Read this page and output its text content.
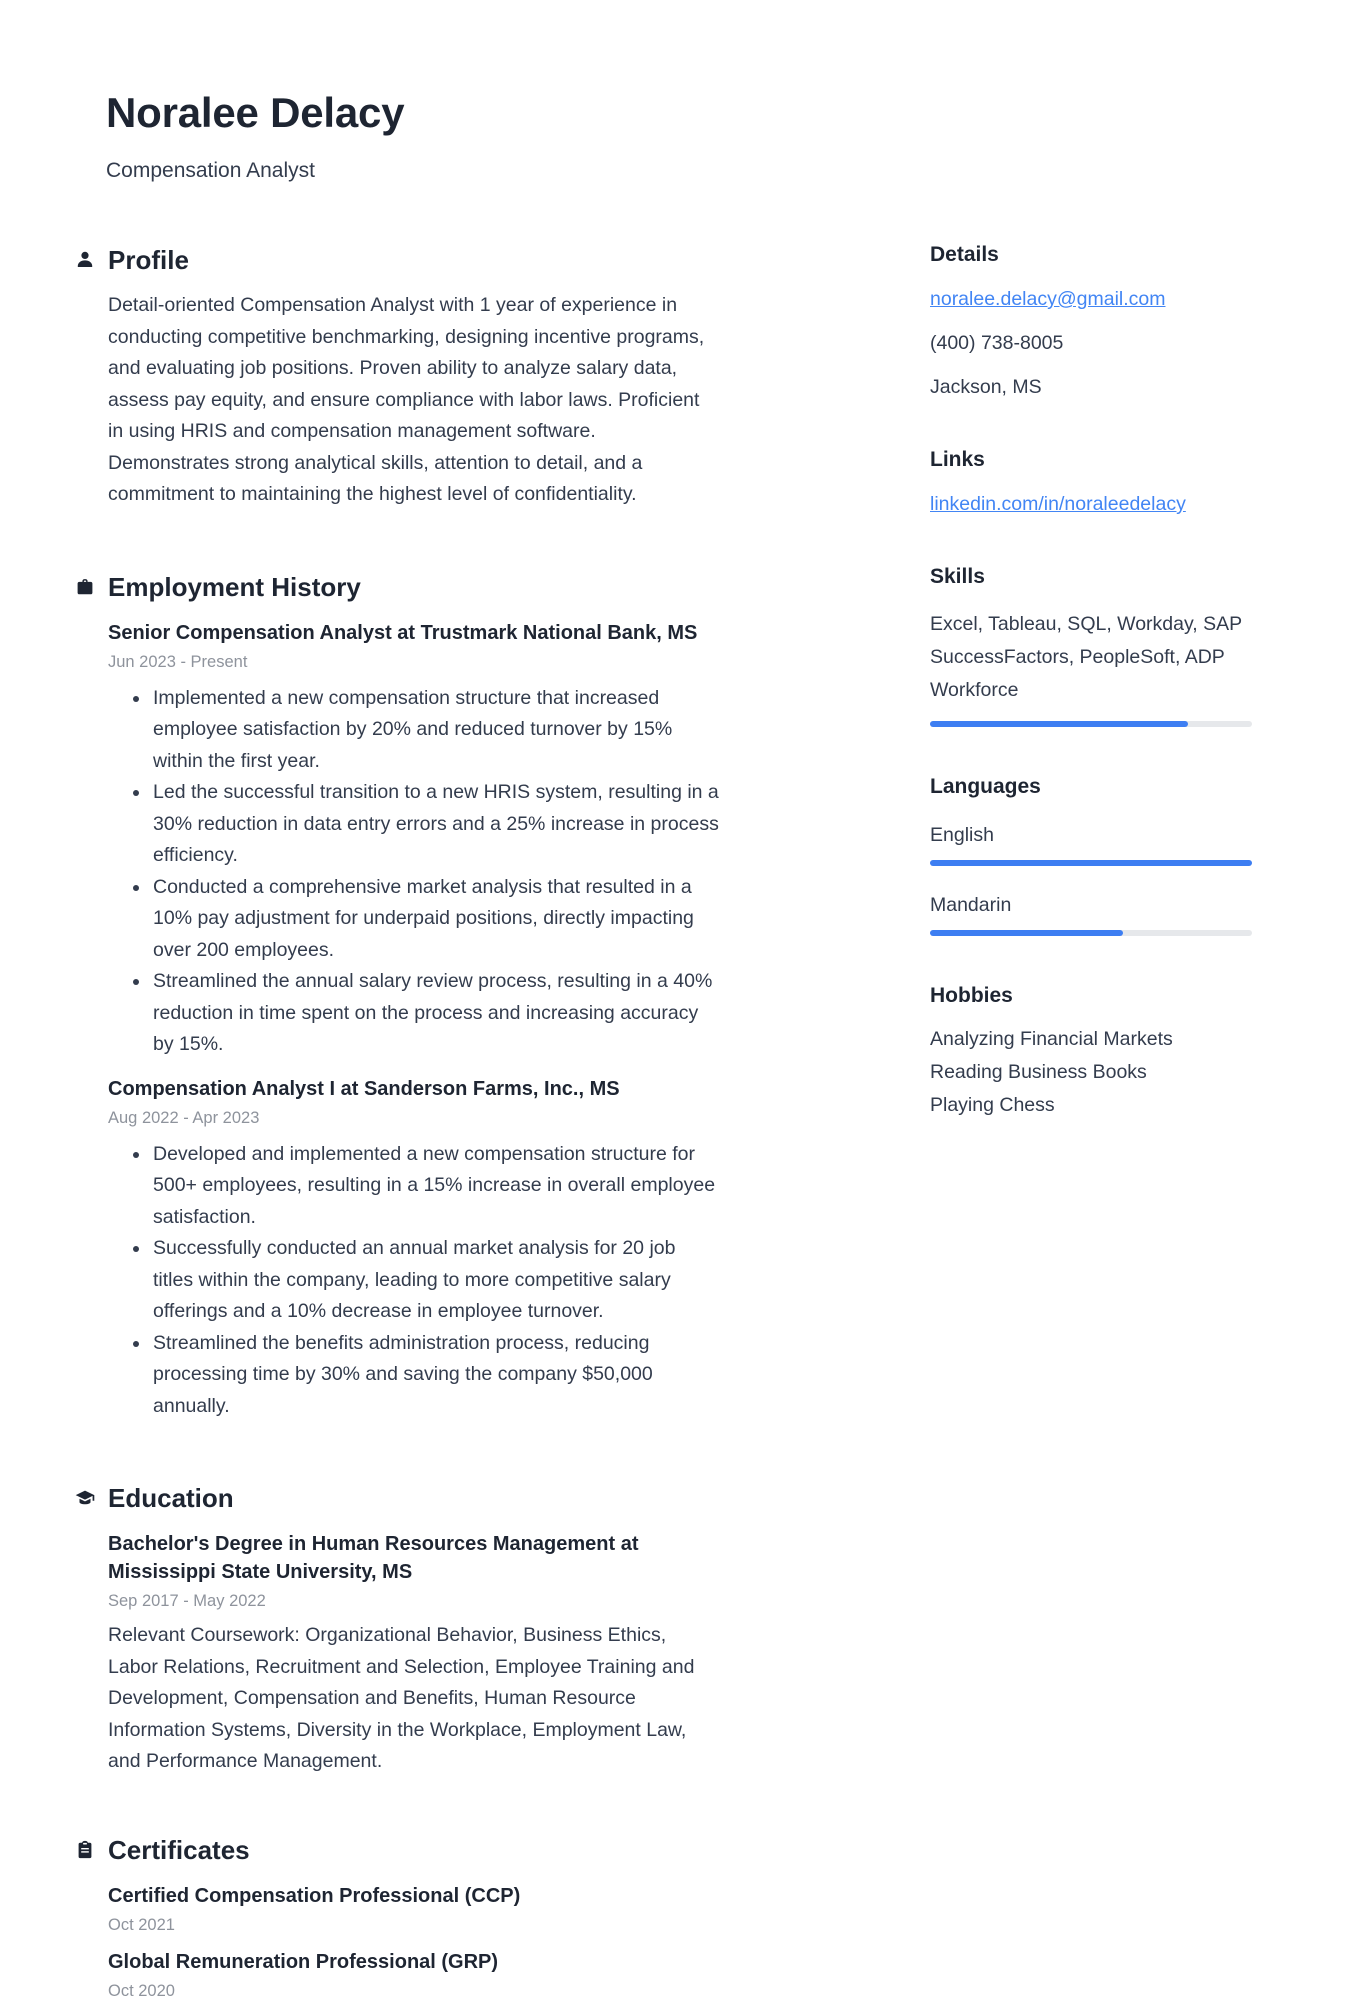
Noralee Delacy
Compensation Analyst
Profile

Detail-oriented Compensation Analyst with 1 year of experience in conducting competitive benchmarking, designing incentive programs, and evaluating job positions. Proven ability to analyze salary data, assess pay equity, and ensure compliance with labor laws. Proficient in using HRIS and compensation management software. Demonstrates strong analytical skills, attention to detail, and a commitment to maintaining the highest level of confidentiality.

Employment History
Senior Compensation Analyst at Trustmark National Bank, MS
Jun 2023 - Present
• Implemented a new compensation structure that increased employee satisfaction by 20% and reduced turnover by 15% within the first year.
• Led the successful transition to a new HRIS system, resulting in a 30% reduction in data entry errors and a 25% increase in process efficiency.
• Conducted a comprehensive market analysis that resulted in a 10% pay adjustment for underpaid positions, directly impacting over 200 employees.
• Streamlined the annual salary review process, resulting in a 40% reduction in time spent on the process and increasing accuracy by 15%.
Compensation Analyst I at Sanderson Farms, Inc., MS
Aug 2022 - Apr 2023
• Developed and implemented a new compensation structure for 500+ employees, resulting in a 15% increase in overall employee satisfaction.
• Successfully conducted an annual market analysis for 20 job titles within the company, leading to more competitive salary offerings and a 10% decrease in employee turnover.
• Streamlined the benefits administration process, reducing processing time by 30% and saving the company $50,000 annually.
Education
Bachelor's Degree in Human Resources Management at Mississippi State University, MS
Sep 2017 - May 2022

Relevant Coursework: Organizational Behavior, Business Ethics, Labor Relations, Recruitment and Selection, Employee Training and Development, Compensation and Benefits, Human Resource Information Systems, Diversity in the Workplace, Employment Law, and Performance Management.

Certificates
Certified Compensation Professional (CCP)
Oct 2021
Global Remuneration Professional (GRP)
Oct 2020
Details
noralee.delacy@gmail.com
(400) 738-8005
Jackson, MS
Links
linkedin.com/in/noraleedelacy
Skills
Excel, Tableau, SQL, Workday, SAP SuccessFactors, PeopleSoft, ADP Workforce
Languages
English
Mandarin
Hobbies
Analyzing Financial Markets
Reading Business Books
Playing Chess
